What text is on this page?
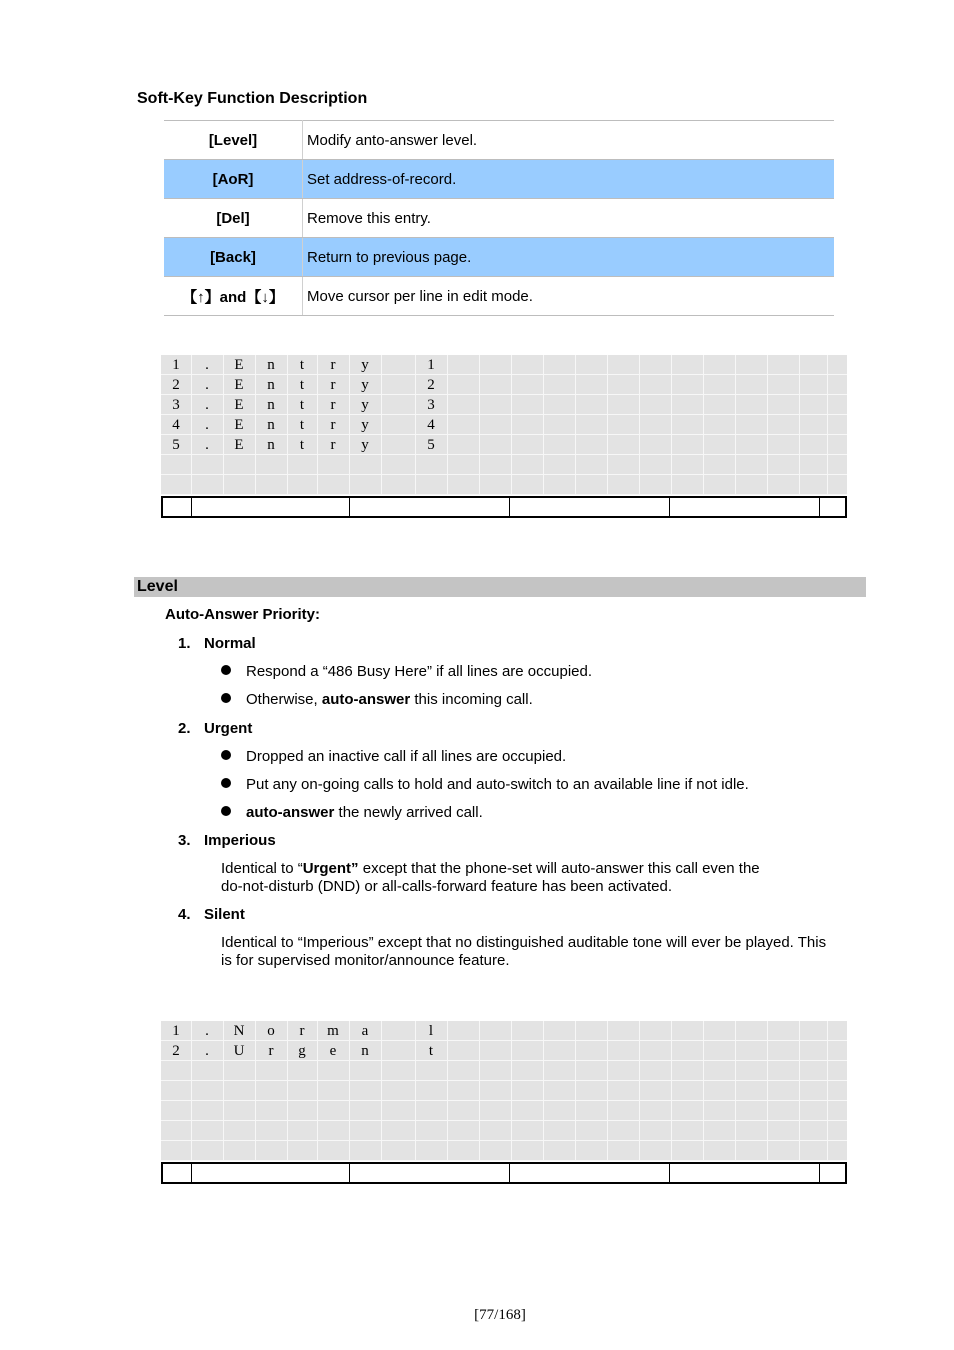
Soft-Key Function Description
[Level]	Modify anto-answer level.
[AoR]	Set address-of-record.
[Del]	Remove this entry.
[Back]	Return to previous page.
【↑】and【↓】	Move cursor per line in edit mode.
1	.	E	n	t	r	y	1
2	.	E	n	t	r	y	2
3	.	E	n	t	r	y	3
4	.	E	n	t	r	y	4
5	.	E	n	t	r	y	5
Level
Auto-Answer Priority:
1. Normal
Respond a “486 Busy Here” if all lines are occupied.
Otherwise, auto-answer this incoming call.
2. Urgent
Dropped an inactive call if all lines are occupied.
Put any on-going calls to hold and auto-switch to an available line if not idle.
auto-answer the newly arrived call.
3. Imperious
Identical to “Urgent” except that the phone-set will auto-answer this call even the
do-not-disturb (DND) or all-calls-forward feature has been activated.
4. Silent
Identical to “Imperious” except that no distinguished auditable tone will ever be played. This
is for supervised monitor/announce feature.
1	.	N	o	r	m	a	l
2	.	U	r	g	e	n	t
[77/168]
